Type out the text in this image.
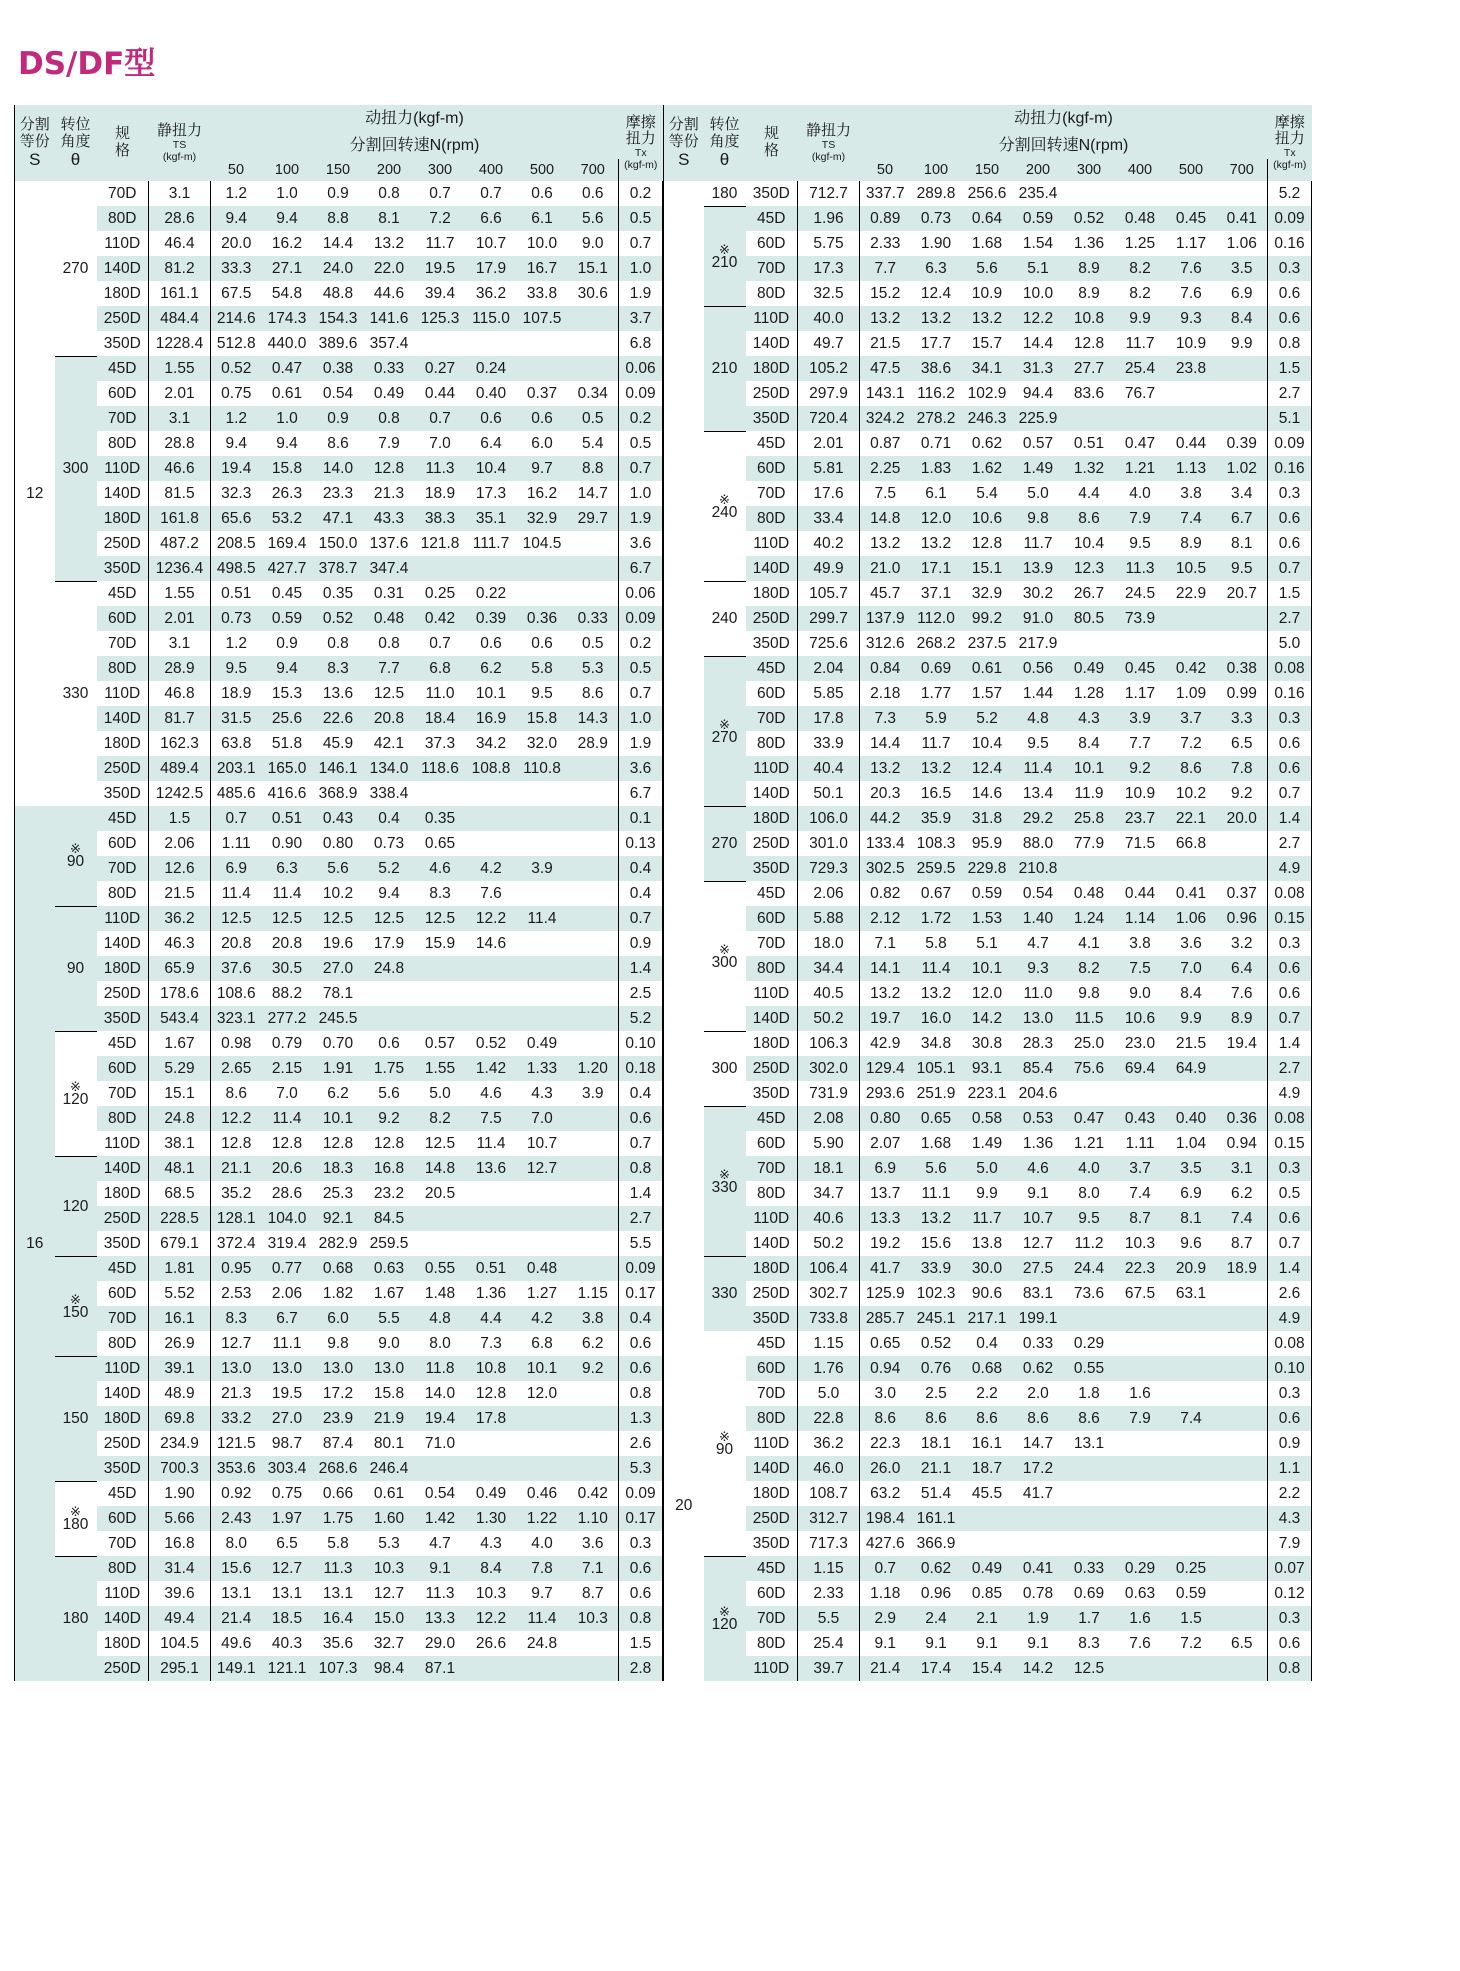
DS/DF型
分割
等份
S

转位
角度
θ

规
格

静扭力
TS
(kgf-m)

动扭力(kgf-m)
分割回转速N(rpm)

摩擦
扭力
Tx
(kgf-m)

				50	100	150	200	300	400	500	700	
12	270	70D	3.1	1.2	1.0	0.9	0.8	0.7	0.7	0.6	0.6	0.2
		80D	28.6	9.4	9.4	8.8	8.1	7.2	6.6	6.1	5.6	0.5
		110D	46.4	20.0	16.2	14.4	13.2	11.7	10.7	10.0	9.0	0.7
		140D	81.2	33.3	27.1	24.0	22.0	19.5	17.9	16.7	15.1	1.0
		180D	161.1	67.5	54.8	48.8	44.6	39.4	36.2	33.8	30.6	1.9
		250D	484.4	214.6	174.3	154.3	141.6	125.3	115.0	107.5		3.7
		350D	1228.4	512.8	440.0	389.6	357.4					6.8
	300	45D	1.55	0.52	0.47	0.38	0.33	0.27	0.24			0.06
		60D	2.01	0.75	0.61	0.54	0.49	0.44	0.40	0.37	0.34	0.09
		70D	3.1	1.2	1.0	0.9	0.8	0.7	0.6	0.6	0.5	0.2
		80D	28.8	9.4	9.4	8.6	7.9	7.0	6.4	6.0	5.4	0.5
		110D	46.6	19.4	15.8	14.0	12.8	11.3	10.4	9.7	8.8	0.7
		140D	81.5	32.3	26.3	23.3	21.3	18.9	17.3	16.2	14.7	1.0
		180D	161.8	65.6	53.2	47.1	43.3	38.3	35.1	32.9	29.7	1.9
		250D	487.2	208.5	169.4	150.0	137.6	121.8	111.7	104.5		3.6
		350D	1236.4	498.5	427.7	378.7	347.4					6.7
	330	45D	1.55	0.51	0.45	0.35	0.31	0.25	0.22			0.06
		60D	2.01	0.73	0.59	0.52	0.48	0.42	0.39	0.36	0.33	0.09
		70D	3.1	1.2	0.9	0.8	0.8	0.7	0.6	0.6	0.5	0.2
		80D	28.9	9.5	9.4	8.3	7.7	6.8	6.2	5.8	5.3	0.5
		110D	46.8	18.9	15.3	13.6	12.5	11.0	10.1	9.5	8.6	0.7
		140D	81.7	31.5	25.6	22.6	20.8	18.4	16.9	15.8	14.3	1.0
		180D	162.3	63.8	51.8	45.9	42.1	37.3	34.2	32.0	28.9	1.9
		250D	489.4	203.1	165.0	146.1	134.0	118.6	108.8	110.8		3.6
		350D	1242.5	485.6	416.6	368.9	338.4					6.7
16	※
90	45D	1.5	0.7	0.51	0.43	0.4	0.35				0.1
		60D	2.06	1.11	0.90	0.80	0.73	0.65				0.13
		70D	12.6	6.9	6.3	5.6	5.2	4.6	4.2	3.9		0.4
		80D	21.5	11.4	11.4	10.2	9.4	8.3	7.6			0.4
	90	110D	36.2	12.5	12.5	12.5	12.5	12.5	12.2	11.4		0.7
		140D	46.3	20.8	20.8	19.6	17.9	15.9	14.6			0.9
		180D	65.9	37.6	30.5	27.0	24.8					1.4
		250D	178.6	108.6	88.2	78.1						2.5
		350D	543.4	323.1	277.2	245.5						5.2

	※
120	45D	1.67	0.98	0.79	0.70	0.6	0.57	0.52	0.49		0.10
		60D	5.29	2.65	2.15	1.91	1.75	1.55	1.42	1.33	1.20	0.18
		70D	15.1	8.6	7.0	6.2	5.6	5.0	4.6	4.3	3.9	0.4
		80D	24.8	12.2	11.4	10.1	9.2	8.2	7.5	7.0		0.6
		110D	38.1	12.8	12.8	12.8	12.8	12.5	11.4	10.7		0.7
	120	140D	48.1	21.1	20.6	18.3	16.8	14.8	13.6	12.7		0.8
		180D	68.5	35.2	28.6	25.3	23.2	20.5				1.4
		250D	228.5	128.1	104.0	92.1	84.5					2.7
		350D	679.1	372.4	319.4	282.9	259.5					5.5

	※
150	45D	1.81	0.95	0.77	0.68	0.63	0.55	0.51	0.48		0.09
		60D	5.52	2.53	2.06	1.82	1.67	1.48	1.36	1.27	1.15	0.17
		70D	16.1	8.3	6.7	6.0	5.5	4.8	4.4	4.2	3.8	0.4
		80D	26.9	12.7	11.1	9.8	9.0	8.0	7.3	6.8	6.2	0.6
	150	110D	39.1	13.0	13.0	13.0	13.0	11.8	10.8	10.1	9.2	0.6
		140D	48.9	21.3	19.5	17.2	15.8	14.0	12.8	12.0		0.8
		180D	69.8	33.2	27.0	23.9	21.9	19.4	17.8			1.3
		250D	234.9	121.5	98.7	87.4	80.1	71.0				2.6
		350D	700.3	353.6	303.4	268.6	246.4					5.3

	※
180	45D	1.90	0.92	0.75	0.66	0.61	0.54	0.49	0.46	0.42	0.09
		60D	5.66	2.43	1.97	1.75	1.60	1.42	1.30	1.22	1.10	0.17
		70D	16.8	8.0	6.5	5.8	5.3	4.7	4.3	4.0	3.6	0.3
	180	80D	31.4	15.6	12.7	11.3	10.3	9.1	8.4	7.8	7.1	0.6
		110D	39.6	13.1	13.1	13.1	12.7	11.3	10.3	9.7	8.7	0.6
		140D	49.4	21.4	18.5	16.4	15.0	13.3	12.2	11.4	10.3	0.8
		180D	104.5	49.6	40.3	35.6	32.7	29.0	26.6	24.8		1.5
		250D	295.1	149.1	121.1	107.3	98.4	87.1				2.8
分割
等份
S

转位
角度
θ

规
格

静扭力
TS
(kgf-m)

动扭力(kgf-m)
分割回转速N(rpm)

摩擦
扭力
Tx
(kgf-m)

				50	100	150	200	300	400	500	700	
	180	350D	712.7	337.7	289.8	256.6	235.4					5.2

	※
210	45D	1.96	0.89	0.73	0.64	0.59	0.52	0.48	0.45	0.41	0.09
		60D	5.75	2.33	1.90	1.68	1.54	1.36	1.25	1.17	1.06	0.16
		70D	17.3	7.7	6.3	5.6	5.1	8.9	8.2	7.6	3.5	0.3
		80D	32.5	15.2	12.4	10.9	10.0	8.9	8.2	7.6	6.9	0.6
	210	110D	40.0	13.2	13.2	13.2	12.2	10.8	9.9	9.3	8.4	0.6
		140D	49.7	21.5	17.7	15.7	14.4	12.8	11.7	10.9	9.9	0.8
		180D	105.2	47.5	38.6	34.1	31.3	27.7	25.4	23.8		1.5
		250D	297.9	143.1	116.2	102.9	94.4	83.6	76.7			2.7
		350D	720.4	324.2	278.2	246.3	225.9					5.1

	※
240	45D	2.01	0.87	0.71	0.62	0.57	0.51	0.47	0.44	0.39	0.09
		60D	5.81	2.25	1.83	1.62	1.49	1.32	1.21	1.13	1.02	0.16
		70D	17.6	7.5	6.1	5.4	5.0	4.4	4.0	3.8	3.4	0.3
		80D	33.4	14.8	12.0	10.6	9.8	8.6	7.9	7.4	6.7	0.6
		110D	40.2	13.2	13.2	12.8	11.7	10.4	9.5	8.9	8.1	0.6
		140D	49.9	21.0	17.1	15.1	13.9	12.3	11.3	10.5	9.5	0.7
	240	180D	105.7	45.7	37.1	32.9	30.2	26.7	24.5	22.9	20.7	1.5
		250D	299.7	137.9	112.0	99.2	91.0	80.5	73.9			2.7
		350D	725.6	312.6	268.2	237.5	217.9					5.0

	※
270	45D	2.04	0.84	0.69	0.61	0.56	0.49	0.45	0.42	0.38	0.08
		60D	5.85	2.18	1.77	1.57	1.44	1.28	1.17	1.09	0.99	0.16
		70D	17.8	7.3	5.9	5.2	4.8	4.3	3.9	3.7	3.3	0.3
		80D	33.9	14.4	11.7	10.4	9.5	8.4	7.7	7.2	6.5	0.6
		110D	40.4	13.2	13.2	12.4	11.4	10.1	9.2	8.6	7.8	0.6
		140D	50.1	20.3	16.5	14.6	13.4	11.9	10.9	10.2	9.2	0.7
	270	180D	106.0	44.2	35.9	31.8	29.2	25.8	23.7	22.1	20.0	1.4
		250D	301.0	133.4	108.3	95.9	88.0	77.9	71.5	66.8		2.7
		350D	729.3	302.5	259.5	229.8	210.8					4.9

	※
300	45D	2.06	0.82	0.67	0.59	0.54	0.48	0.44	0.41	0.37	0.08
		60D	5.88	2.12	1.72	1.53	1.40	1.24	1.14	1.06	0.96	0.15
		70D	18.0	7.1	5.8	5.1	4.7	4.1	3.8	3.6	3.2	0.3
		80D	34.4	14.1	11.4	10.1	9.3	8.2	7.5	7.0	6.4	0.6
		110D	40.5	13.2	13.2	12.0	11.0	9.8	9.0	8.4	7.6	0.6
		140D	50.2	19.7	16.0	14.2	13.0	11.5	10.6	9.9	8.9	0.7
	300	180D	106.3	42.9	34.8	30.8	28.3	25.0	23.0	21.5	19.4	1.4
		250D	302.0	129.4	105.1	93.1	85.4	75.6	69.4	64.9		2.7
		350D	731.9	293.6	251.9	223.1	204.6					4.9

	※
330	45D	2.08	0.80	0.65	0.58	0.53	0.47	0.43	0.40	0.36	0.08
		60D	5.90	2.07	1.68	1.49	1.36	1.21	1.11	1.04	0.94	0.15
		70D	18.1	6.9	5.6	5.0	4.6	4.0	3.7	3.5	3.1	0.3
		80D	34.7	13.7	11.1	9.9	9.1	8.0	7.4	6.9	6.2	0.5
		110D	40.6	13.3	13.2	11.7	10.7	9.5	8.7	8.1	7.4	0.6
		140D	50.2	19.2	15.6	13.8	12.7	11.2	10.3	9.6	8.7	0.7
	330	180D	106.4	41.7	33.9	30.0	27.5	24.4	22.3	20.9	18.9	1.4
		250D	302.7	125.9	102.3	90.6	83.1	73.6	67.5	63.1		2.6
		350D	733.8	285.7	245.1	217.1	199.1					4.9
20	※
90	45D	1.15	0.65	0.52	0.4	0.33	0.29				0.08
		60D	1.76	0.94	0.76	0.68	0.62	0.55				0.10
		70D	5.0	3.0	2.5	2.2	2.0	1.8	1.6			0.3
		80D	22.8	8.6	8.6	8.6	8.6	8.6	7.9	7.4		0.6
		110D	36.2	22.3	18.1	16.1	14.7	13.1				0.9
		140D	46.0	26.0	21.1	18.7	17.2					1.1
		180D	108.7	63.2	51.4	45.5	41.7					2.2
		250D	312.7	198.4	161.1							4.3
		350D	717.3	427.6	366.9							7.9

	※
120	45D	1.15	0.7	0.62	0.49	0.41	0.33	0.29	0.25		0.07
		60D	2.33	1.18	0.96	0.85	0.78	0.69	0.63	0.59		0.12
		70D	5.5	2.9	2.4	2.1	1.9	1.7	1.6	1.5		0.3
		80D	25.4	9.1	9.1	9.1	9.1	8.3	7.6	7.2	6.5	0.6
		110D	39.7	21.4	17.4	15.4	14.2	12.5				0.8
